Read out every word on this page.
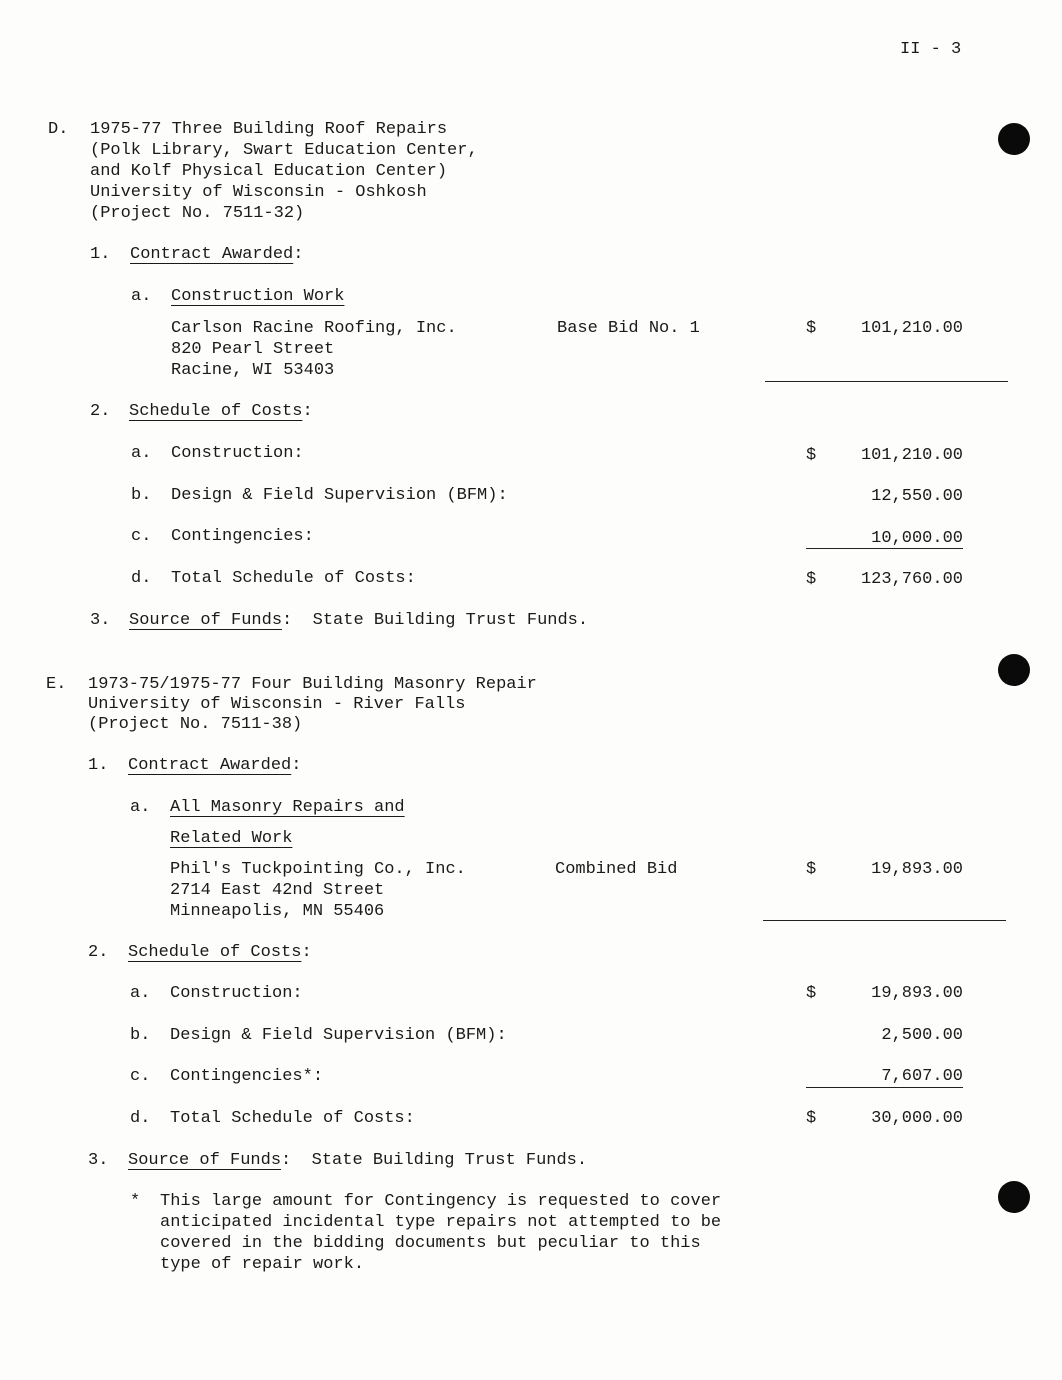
II - 3
D. 1975-77 Three Building Roof Repairs
(Polk Library, Swart Education Center,
and Kolf Physical Education Center)
University of Wisconsin - Oshkosh
(Project No. 7511-32)
1. Contract Awarded:
a. Construction Work
Carlson Racine Roofing, Inc.
820 Pearl Street
Racine, WI 53403
Base Bid No. 1	$	101,210.00
2. Schedule of Costs:
a. Construction:	$	101,210.00
b. Design & Field Supervision (BFM):	12,550.00
c. Contingencies:	10,000.00
d. Total Schedule of Costs:	$	123,760.00
3. Source of Funds:  State Building Trust Funds.
E. 1973-75/1975-77 Four Building Masonry Repair
University of Wisconsin - River Falls
(Project No. 7511-38)
1. Contract Awarded:
a. All Masonry Repairs and
Related Work
Phil's Tuckpointing Co., Inc.
2714 East 42nd Street
Minneapolis, MN 55406
Combined Bid	$	19,893.00
2. Schedule of Costs:
a. Construction:	$	19,893.00
b. Design & Field Supervision (BFM):	2,500.00
c. Contingencies*:	7,607.00
d. Total Schedule of Costs:	$	30,000.00
3. Source of Funds:  State Building Trust Funds.
* This large amount for Contingency is requested to cover
anticipated incidental type repairs not attempted to be
covered in the bidding documents but peculiar to this
type of repair work.
